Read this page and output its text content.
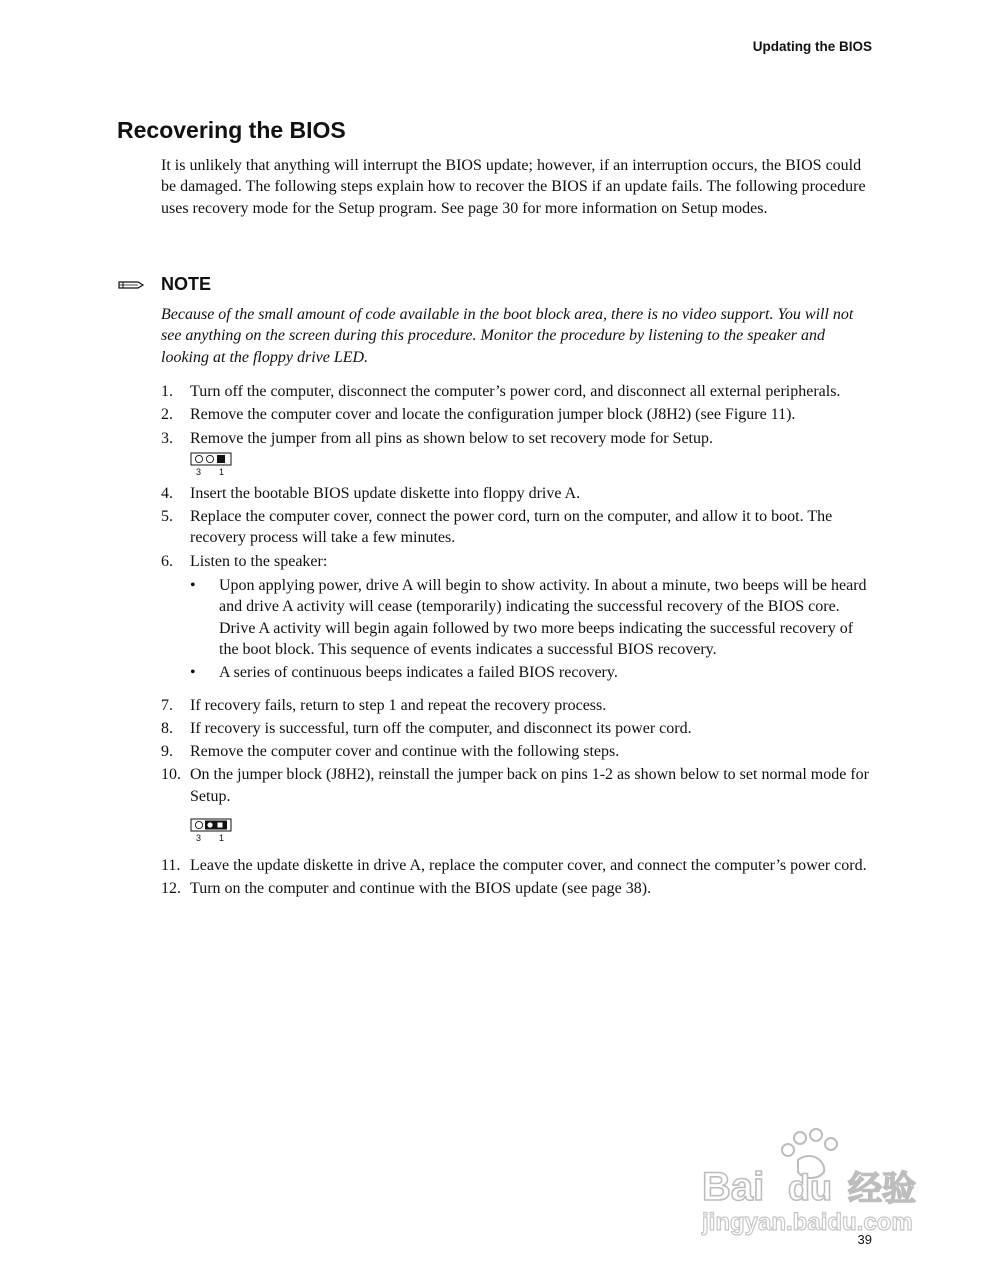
Updating the BIOS
Recovering the BIOS

It is unlikely that anything will interrupt the BIOS update; however, if an interruption occurs, the BIOS could be damaged. The following steps explain how to recover the BIOS if an update fails. The following procedure uses recovery mode for the Setup program. See page 30 for more information on Setup modes.

NOTE

Because of the small amount of code available in the boot block area, there is no video support. You will not see anything on the screen during this procedure. Monitor the procedure by listening to the speaker and looking at the floppy drive LED.

1.	Turn off the computer, disconnect the computer’s power cord, and disconnect all external peripherals.
2.	Remove the computer cover and locate the configuration jumper block (J8H2) (see Figure 11).
3.	Remove the jumper from all pins as shown below to set recovery mode for Setup.
3 1
4.	Insert the bootable BIOS update diskette into floppy drive A.
5.	Replace the computer cover, connect the power cord, turn on the computer, and allow it to boot. The recovery process will take a few minutes.
6.	Listen to the speaker:
•	Upon applying power, drive A will begin to show activity. In about a minute, two beeps will be heard and drive A activity will cease (temporarily) indicating the successful recovery of the BIOS core. Drive A activity will begin again followed by two more beeps indicating the successful recovery of the boot block. This sequence of events indicates a successful BIOS recovery.
•	A series of continuous beeps indicates a failed BIOS recovery.
7.	If recovery fails, return to step 1 and repeat the recovery process.
8.	If recovery is successful, turn off the computer, and disconnect its power cord.
9.	Remove the computer cover and continue with the following steps.
10. On the jumper block (J8H2), reinstall the jumper back on pins 1-2 as shown below to set normal mode for Setup.
3 1
11. Leave the update diskette in drive A, replace the computer cover, and connect the computer’s power cord.
12. Turn on the computer and continue with the BIOS update (see page 38).
Bai du 经验
jingyan.baidu.com
39
